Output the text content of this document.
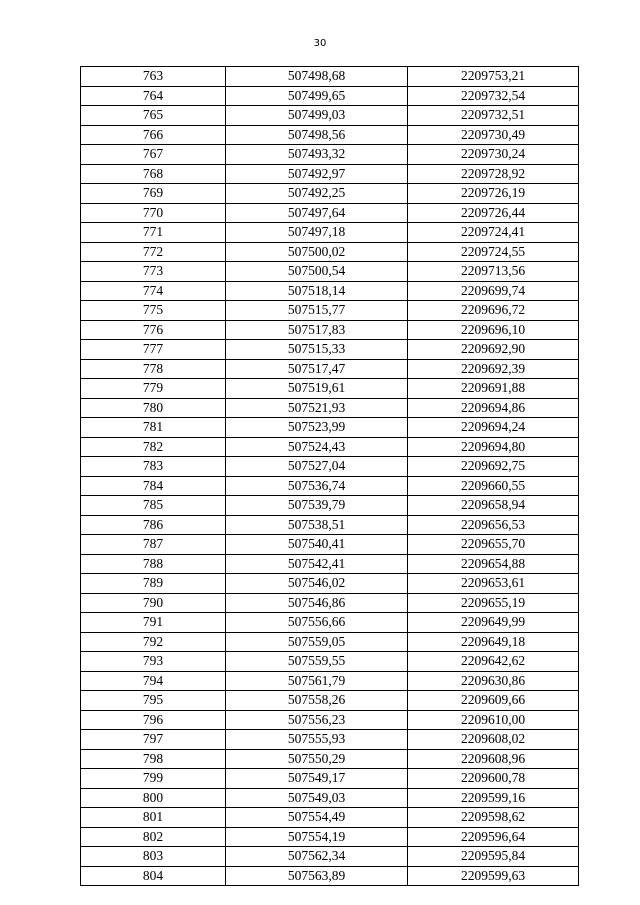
30
763	507498,68	2209753,21
764	507499,65	2209732,54
765	507499,03	2209732,51
766	507498,56	2209730,49
767	507493,32	2209730,24
768	507492,97	2209728,92
769	507492,25	2209726,19
770	507497,64	2209726,44
771	507497,18	2209724,41
772	507500,02	2209724,55
773	507500,54	2209713,56
774	507518,14	2209699,74
775	507515,77	2209696,72
776	507517,83	2209696,10
777	507515,33	2209692,90
778	507517,47	2209692,39
779	507519,61	2209691,88
780	507521,93	2209694,86
781	507523,99	2209694,24
782	507524,43	2209694,80
783	507527,04	2209692,75
784	507536,74	2209660,55
785	507539,79	2209658,94
786	507538,51	2209656,53
787	507540,41	2209655,70
788	507542,41	2209654,88
789	507546,02	2209653,61
790	507546,86	2209655,19
791	507556,66	2209649,99
792	507559,05	2209649,18
793	507559,55	2209642,62
794	507561,79	2209630,86
795	507558,26	2209609,66
796	507556,23	2209610,00
797	507555,93	2209608,02
798	507550,29	2209608,96
799	507549,17	2209600,78
800	507549,03	2209599,16
801	507554,49	2209598,62
802	507554,19	2209596,64
803	507562,34	2209595,84
804	507563,89	2209599,63
